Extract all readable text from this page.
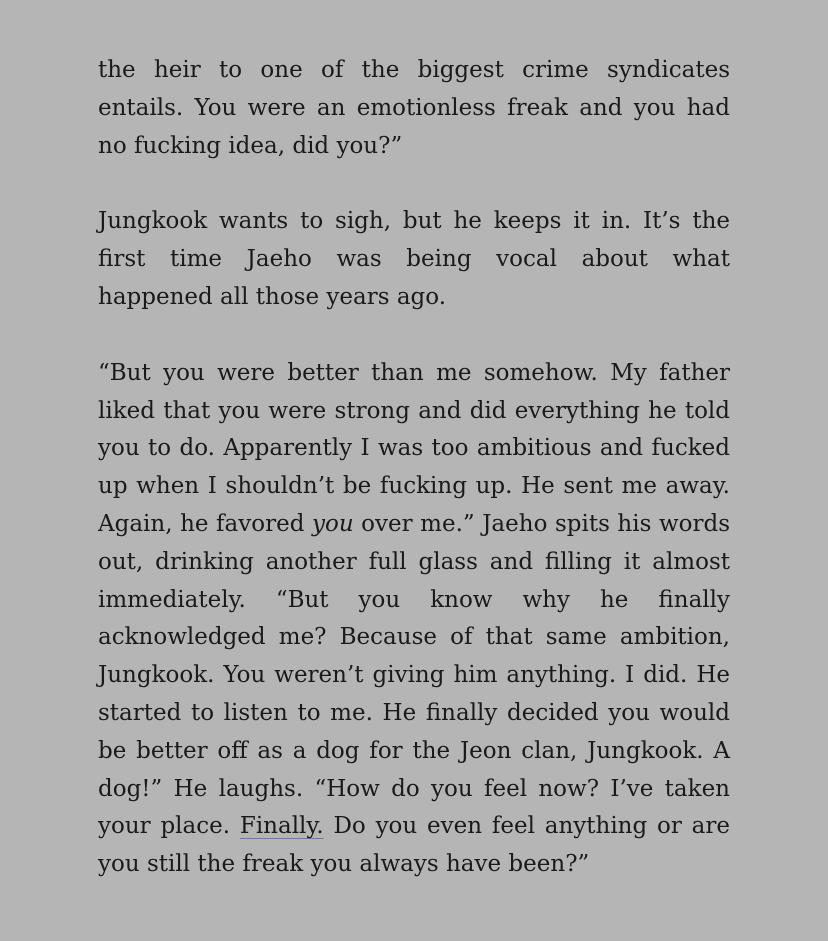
the heir to one of the biggest crime syndicates entails. You were an emotionless freak and you had no fucking idea, did you?”

Jungkook wants to sigh, but he keeps it in. It’s the first time Jaeho was being vocal about what happened all those years ago.

“But you were better than me somehow. My father liked that you were strong and did everything he told you to do. Apparently I was too ambitious and fucked up when I shouldn’t be fucking up. He sent me away. Again, he favored you over me.” Jaeho spits his words out, drinking another full glass and filling it almost immediately. “But you know why he finally acknowledged me? Because of that same ambition, Jungkook. You weren’t giving him anything. I did. He started to listen to me. He finally decided you would be better off as a dog for the Jeon clan, Jungkook. A dog!” He laughs. “How do you feel now? I’ve taken your place. Finally. Do you even feel anything or are you still the freak you always have been?”
